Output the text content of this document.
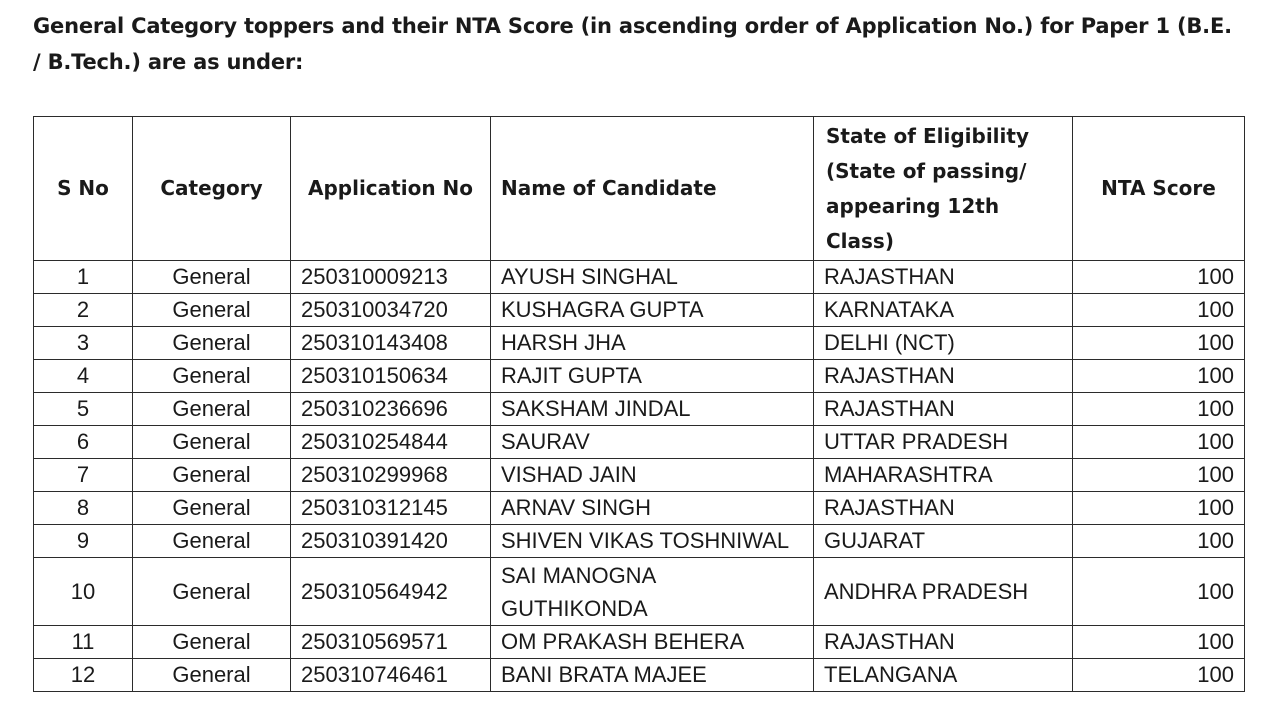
General Category toppers and their NTA Score (in ascending order of Application No.) for Paper 1 (B.E. / B.Tech.) are as under:

S No	Category	Application No	Name of Candidate	State of Eligibility (State of passing/ appearing 12th Class)	NTA Score
1	General	250310009213	AYUSH SINGHAL	RAJASTHAN	100
2	General	250310034720	KUSHAGRA GUPTA	KARNATAKA	100
3	General	250310143408	HARSH JHA	DELHI (NCT)	100
4	General	250310150634	RAJIT GUPTA	RAJASTHAN	100
5	General	250310236696	SAKSHAM JINDAL	RAJASTHAN	100
6	General	250310254844	SAURAV	UTTAR PRADESH	100
7	General	250310299968	VISHAD JAIN	MAHARASHTRA	100
8	General	250310312145	ARNAV SINGH	RAJASTHAN	100
9	General	250310391420	SHIVEN VIKAS TOSHNIWAL	GUJARAT	100
10	General	250310564942	SAI MANOGNA GUTHIKONDA	ANDHRA PRADESH	100
11	General	250310569571	OM PRAKASH BEHERA	RAJASTHAN	100
12	General	250310746461	BANI BRATA MAJEE	TELANGANA	100
